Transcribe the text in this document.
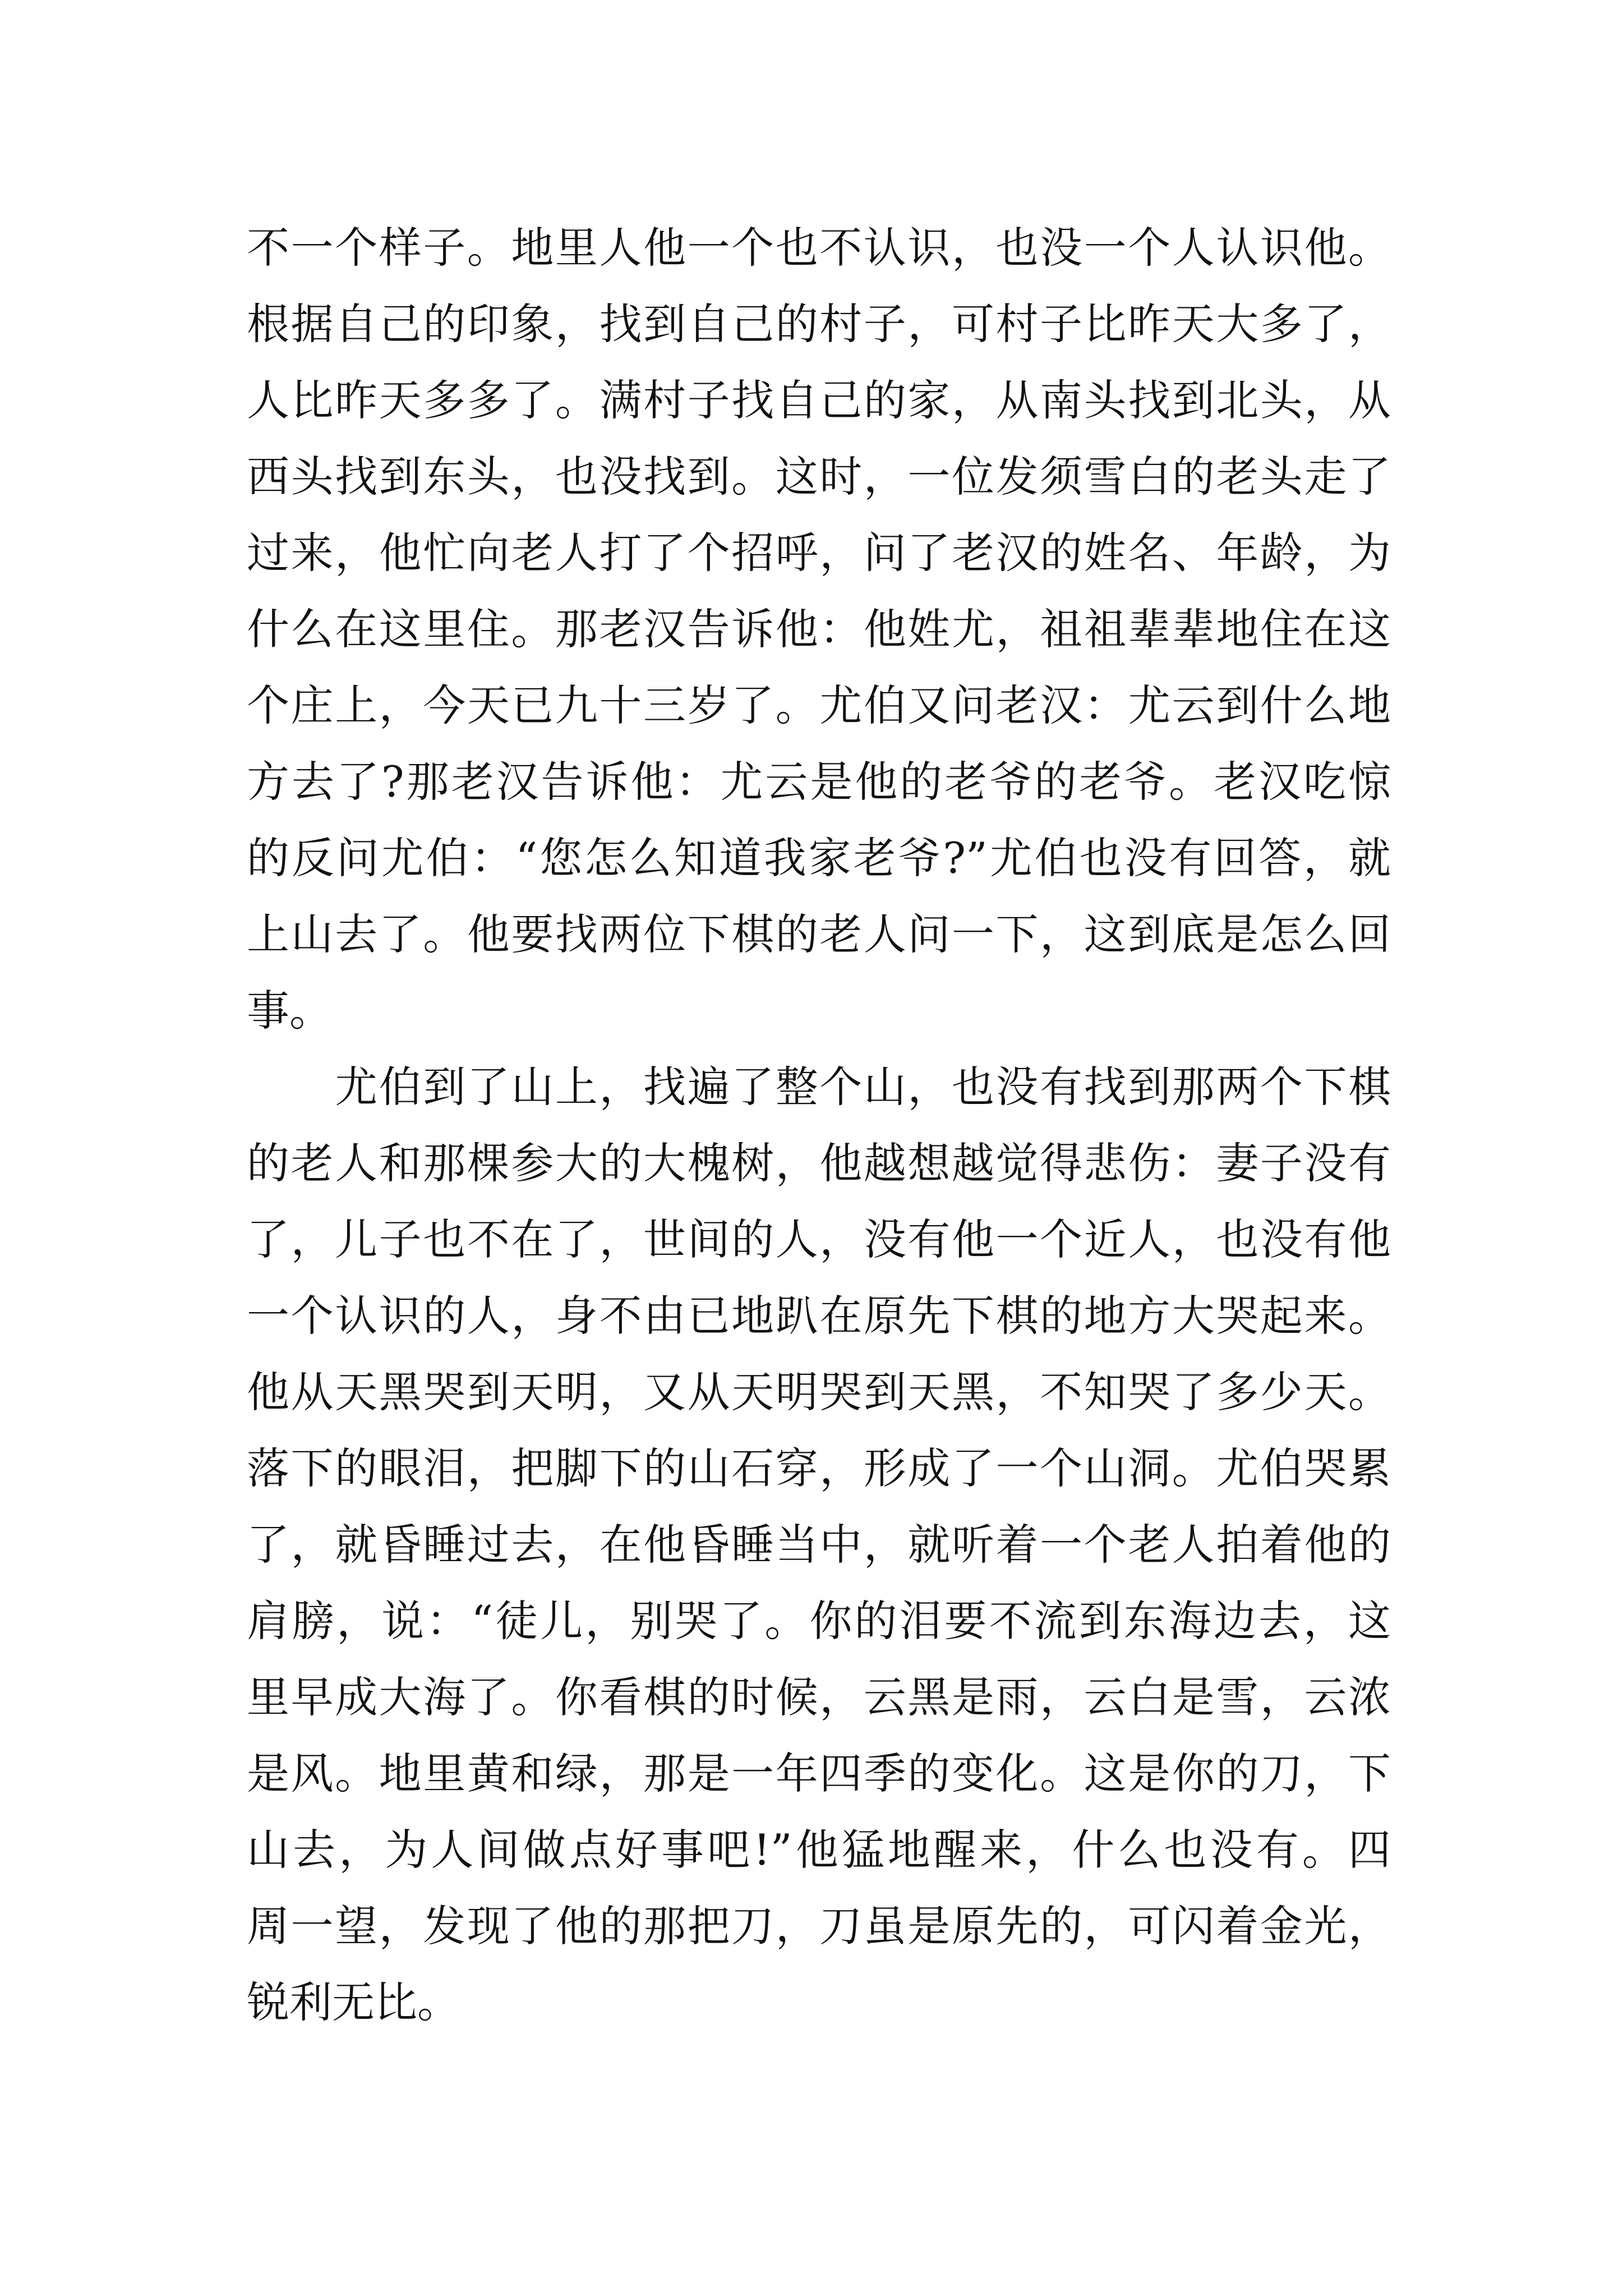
不一个样子。地里人他一个也不认识，也没一个人认识他。
根据自己的印象，找到自己的村子，可村子比昨天大多了，
人比昨天多多了。满村子找自己的家，从南头找到北头，从
西头找到东头，也没找到。这时，一位发须雪白的老头走了
过来，他忙向老人打了个招呼，问了老汉的姓名、年龄，为
什么在这里住。那老汉告诉他：他姓尤，祖祖辈辈地住在这
个庄上，今天已九十三岁了。尤伯又问老汉：尤云到什么地
方去了?那老汉告诉他：尤云是他的老爷的老爷。老汉吃惊
的反问尤伯：“您怎么知道我家老爷?”尤伯也没有回答，就
上山去了。他要找两位下棋的老人问一下，这到底是怎么回
事。
　　尤伯到了山上，找遍了整个山，也没有找到那两个下棋
的老人和那棵参大的大槐树，他越想越觉得悲伤：妻子没有
了，儿子也不在了，世间的人，没有他一个近人，也没有他
一个认识的人，身不由已地趴在原先下棋的地方大哭起来。
他从天黑哭到天明，又从天明哭到天黑，不知哭了多少天。
落下的眼泪，把脚下的山石穿，形成了一个山洞。尤伯哭累
了，就昏睡过去，在他昏睡当中，就听着一个老人拍着他的
肩膀，说：“徒儿，别哭了。你的泪要不流到东海边去，这
里早成大海了。你看棋的时候，云黑是雨，云白是雪，云浓
是风。地里黄和绿，那是一年四季的变化。这是你的刀，下
山去，为人间做点好事吧!”他猛地醒来，什么也没有。四
周一望，发现了他的那把刀，刀虽是原先的，可闪着金光，
锐利无比。
